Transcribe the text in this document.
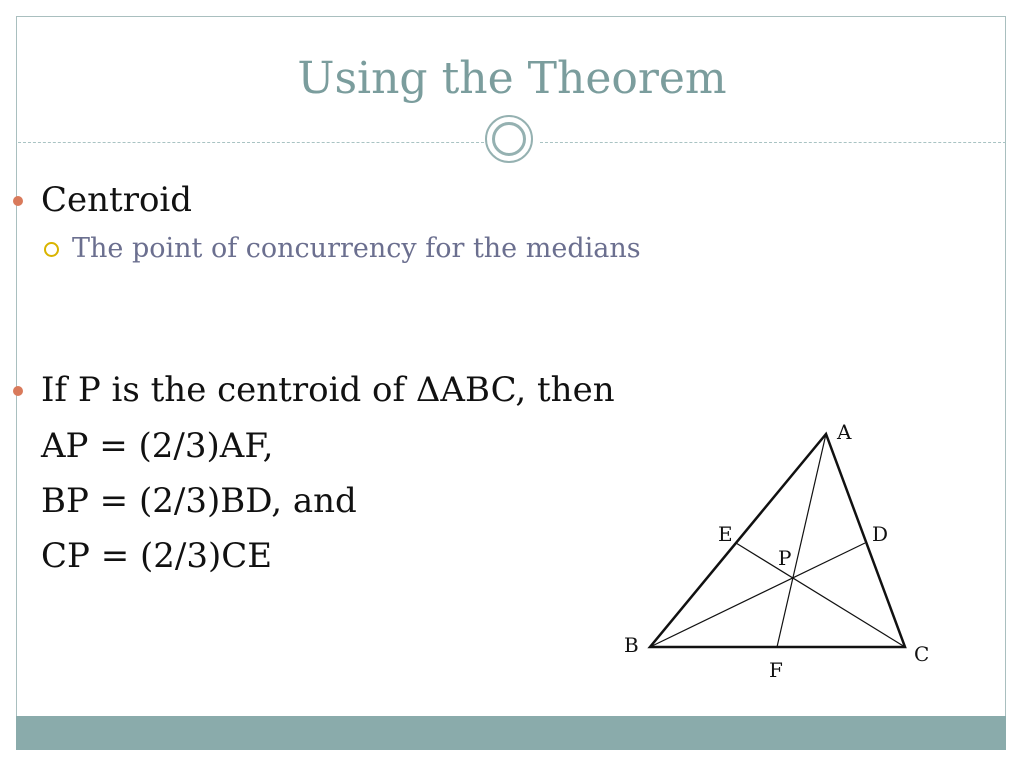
Using the Theorem
Centroid
The point of concurrency for the medians
If P is the centroid of ΔABC, then
AP = (2/3)AF,
BP = (2/3)BD, and
CP = (2/3)CE
A
B	C
D
E
F
P
